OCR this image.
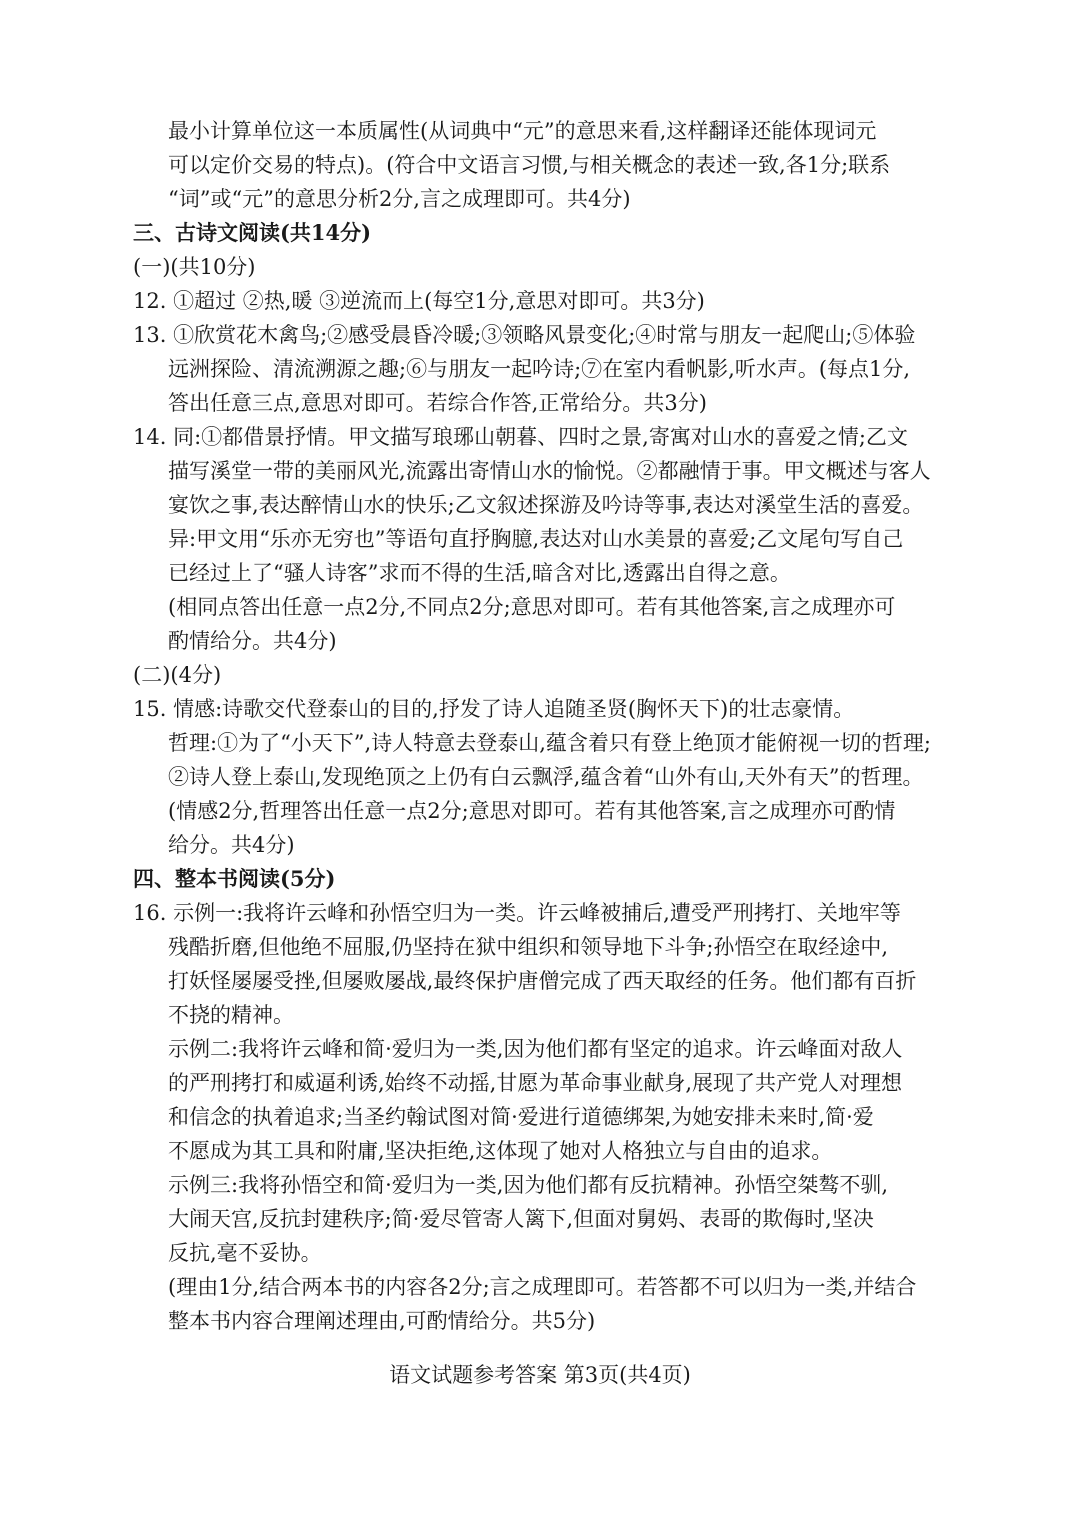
最小计算单位这一本质属性(从词典中“元”的意思来看,这样翻译还能体现词元
可以定价交易的特点)。(符合中文语言习惯,与相关概念的表述一致,各1分;联系
“词”或“元”的意思分析2分,言之成理即可。共4分)
三、古诗文阅读(共14分)
(一)(共10分)
12. ①超过 ②热,暖 ③逆流而上(每空1分,意思对即可。共3分)
13. ①欣赏花木禽鸟;②感受晨昏冷暖;③领略风景变化;④时常与朋友一起爬山;⑤体验
远洲探险、清流溯源之趣;⑥与朋友一起吟诗;⑦在室内看帆影,听水声。(每点1分,
答出任意三点,意思对即可。若综合作答,正常给分。共3分)
14. 同:①都借景抒情。甲文描写琅琊山朝暮、四时之景,寄寓对山水的喜爱之情;乙文
描写溪堂一带的美丽风光,流露出寄情山水的愉悦。②都融情于事。甲文概述与客人
宴饮之事,表达醉情山水的快乐;乙文叙述探游及吟诗等事,表达对溪堂生活的喜爱。
异:甲文用“乐亦无穷也”等语句直抒胸臆,表达对山水美景的喜爱;乙文尾句写自己
已经过上了“骚人诗客”求而不得的生活,暗含对比,透露出自得之意。
(相同点答出任意一点2分,不同点2分;意思对即可。若有其他答案,言之成理亦可
酌情给分。共4分)
(二)(4分)
15. 情感:诗歌交代登泰山的目的,抒发了诗人追随圣贤(胸怀天下)的壮志豪情。
哲理:①为了“小天下”,诗人特意去登泰山,蕴含着只有登上绝顶才能俯视一切的哲理;
②诗人登上泰山,发现绝顶之上仍有白云飘浮,蕴含着“山外有山,天外有天”的哲理。
(情感2分,哲理答出任意一点2分;意思对即可。若有其他答案,言之成理亦可酌情
给分。共4分)
四、整本书阅读(5分)
16. 示例一:我将许云峰和孙悟空归为一类。许云峰被捕后,遭受严刑拷打、关地牢等
残酷折磨,但他绝不屈服,仍坚持在狱中组织和领导地下斗争;孙悟空在取经途中,
打妖怪屡屡受挫,但屡败屡战,最终保护唐僧完成了西天取经的任务。他们都有百折
不挠的精神。
示例二:我将许云峰和简·爱归为一类,因为他们都有坚定的追求。许云峰面对敌人
的严刑拷打和威逼利诱,始终不动摇,甘愿为革命事业献身,展现了共产党人对理想
和信念的执着追求;当圣约翰试图对简·爱进行道德绑架,为她安排未来时,简·爱
不愿成为其工具和附庸,坚决拒绝,这体现了她对人格独立与自由的追求。
示例三:我将孙悟空和简·爱归为一类,因为他们都有反抗精神。孙悟空桀骜不驯,
大闹天宫,反抗封建秩序;简·爱尽管寄人篱下,但面对舅妈、表哥的欺侮时,坚决
反抗,毫不妥协。
(理由1分,结合两本书的内容各2分;言之成理即可。若答都不可以归为一类,并结合
整本书内容合理阐述理由,可酌情给分。共5分)
语文试题参考答案 第3页(共4页)
